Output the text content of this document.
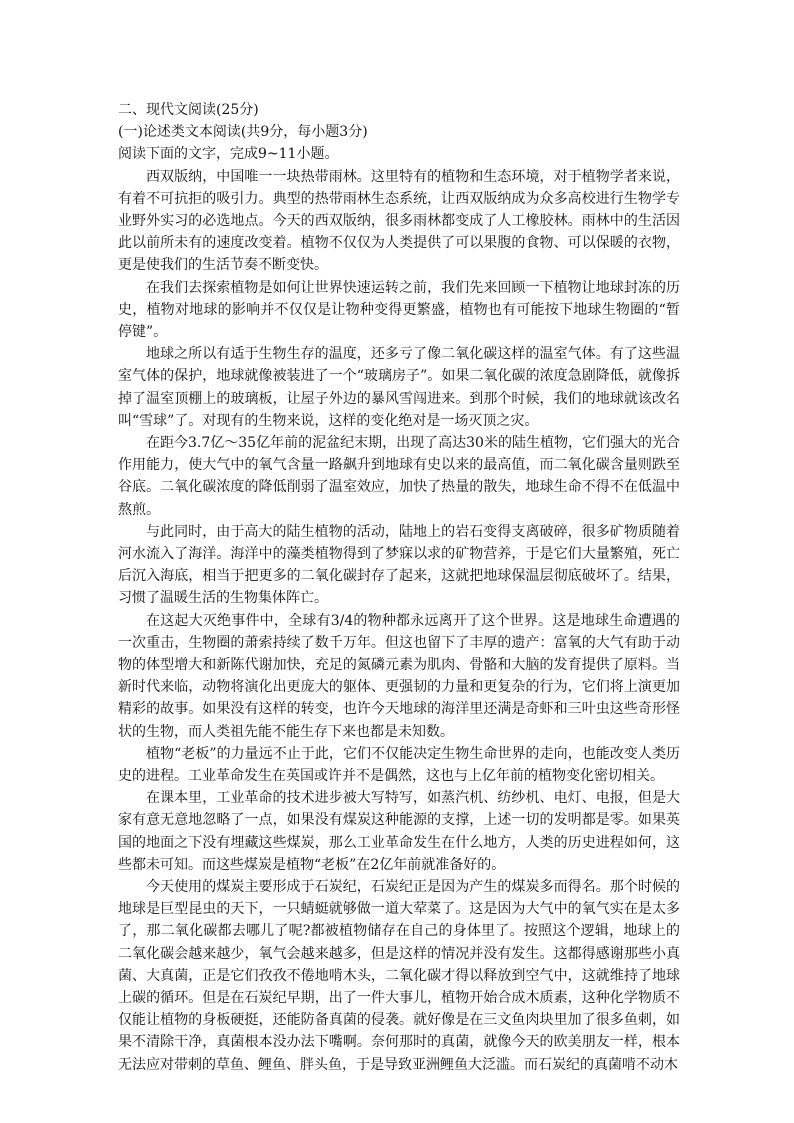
二、现代文阅读(25分)
(一)论述类文本阅读(共9分，每小题3分)
阅读下面的文字，完成9~11小题。

西双版纳，中国唯一一块热带雨林。这里特有的植物和生态环境，对于植物学者来说，有着不可抗拒的吸引力。典型的热带雨林生态系统，让西双版纳成为众多高校进行生物学专业野外实习的必选地点。今天的西双版纳，很多雨林都变成了人工橡胶林。雨林中的生活因此以前所未有的速度改变着。植物不仅仅为人类提供了可以果腹的食物、可以保暖的衣物，更是使我们的生活节奏不断变快。

在我们去探索植物是如何让世界快速运转之前，我们先来回顾一下植物让地球封冻的历史，植物对地球的影响并不仅仅是让物种变得更繁盛，植物也有可能按下地球生物圈的“暂停键”。

地球之所以有适于生物生存的温度，还多亏了像二氧化碳这样的温室气体。有了这些温室气体的保护，地球就像被装进了一个“玻璃房子”。如果二氧化碳的浓度急剧降低，就像拆掉了温室顶棚上的玻璃板，让屋子外边的暴风雪闯进来。到那个时候，我们的地球就该改名叫“雪球”了。对现有的生物来说，这样的变化绝对是一场灭顶之灾。

在距今3.7亿～35亿年前的泥盆纪末期，出现了高达30米的陆生植物，它们强大的光合作用能力，使大气中的氧气含量一路飙升到地球有史以来的最高值，而二氧化碳含量则跌至谷底。二氧化碳浓度的降低削弱了温室效应，加快了热量的散失，地球生命不得不在低温中熬煎。

与此同时，由于高大的陆生植物的活动，陆地上的岩石变得支离破碎，很多矿物质随着河水流入了海洋。海洋中的藻类植物得到了梦寐以求的矿物营养，于是它们大量繁殖，死亡后沉入海底，相当于把更多的二氧化碳封存了起来，这就把地球保温层彻底破坏了。结果，习惯了温暖生活的生物集体阵亡。

在这起大灭绝事件中，全球有3/4的物种都永远离开了这个世界。这是地球生命遭遇的一次重击，生物圈的萧索持续了数千万年。但这也留下了丰厚的遗产：富氧的大气有助于动物的体型增大和新陈代谢加快，充足的氮磷元素为肌肉、骨骼和大脑的发育提供了原料。当新时代来临，动物将演化出更庞大的躯体、更强韧的力量和更复杂的行为，它们将上演更加精彩的故事。如果没有这样的转变，也许今天地球的海洋里还满是奇虾和三叶虫这些奇形怪状的生物，而人类祖先能不能生存下来也都是未知数。

植物“老板”的力量远不止于此，它们不仅能决定生物生命世界的走向，也能改变人类历史的进程。工业革命发生在英国或许并不是偶然，这也与上亿年前的植物变化密切相关。

在课本里，工业革命的技术进步被大写特写，如蒸汽机、纺纱机、电灯、电报，但是大家有意无意地忽略了一点，如果没有煤炭这种能源的支撑，上述一切的发明都是零。如果英国的地面之下没有埋藏这些煤炭，那么工业革命发生在什么地方，人类的历史进程如何，这些都未可知。而这些煤炭是植物“老板”在2亿年前就准备好的。

今天使用的煤炭主要形成于石炭纪，石炭纪正是因为产生的煤炭多而得名。那个时候的地球是巨型昆虫的天下，一只蜻蜓就够做一道大荤菜了。这是因为大气中的氧气实在是太多了，那二氧化碳都去哪儿了呢?都被植物储存在自己的身体里了。按照这个逻辑，地球上的二氧化碳会越来越少，氧气会越来越多，但是这样的情况并没有发生。这都得感谢那些小真菌、大真菌，正是它们孜孜不倦地啃木头，二氧化碳才得以释放到空气中，这就维持了地球上碳的循环。但是在石炭纪早期，出了一件大事儿，植物开始合成木质素，这种化学物质不仅能让植物的身板硬挺，还能防备真菌的侵袭。就好像是在三文鱼肉块里加了很多鱼刺，如果不清除干净，真菌根本没办法下嘴啊。奈何那时的真菌，就像今天的欧美朋友一样，根本无法应对带刺的草鱼、鲤鱼、胖头鱼，于是导致亚洲鲤鱼大泛滥。而石炭纪的真菌啃不动木
